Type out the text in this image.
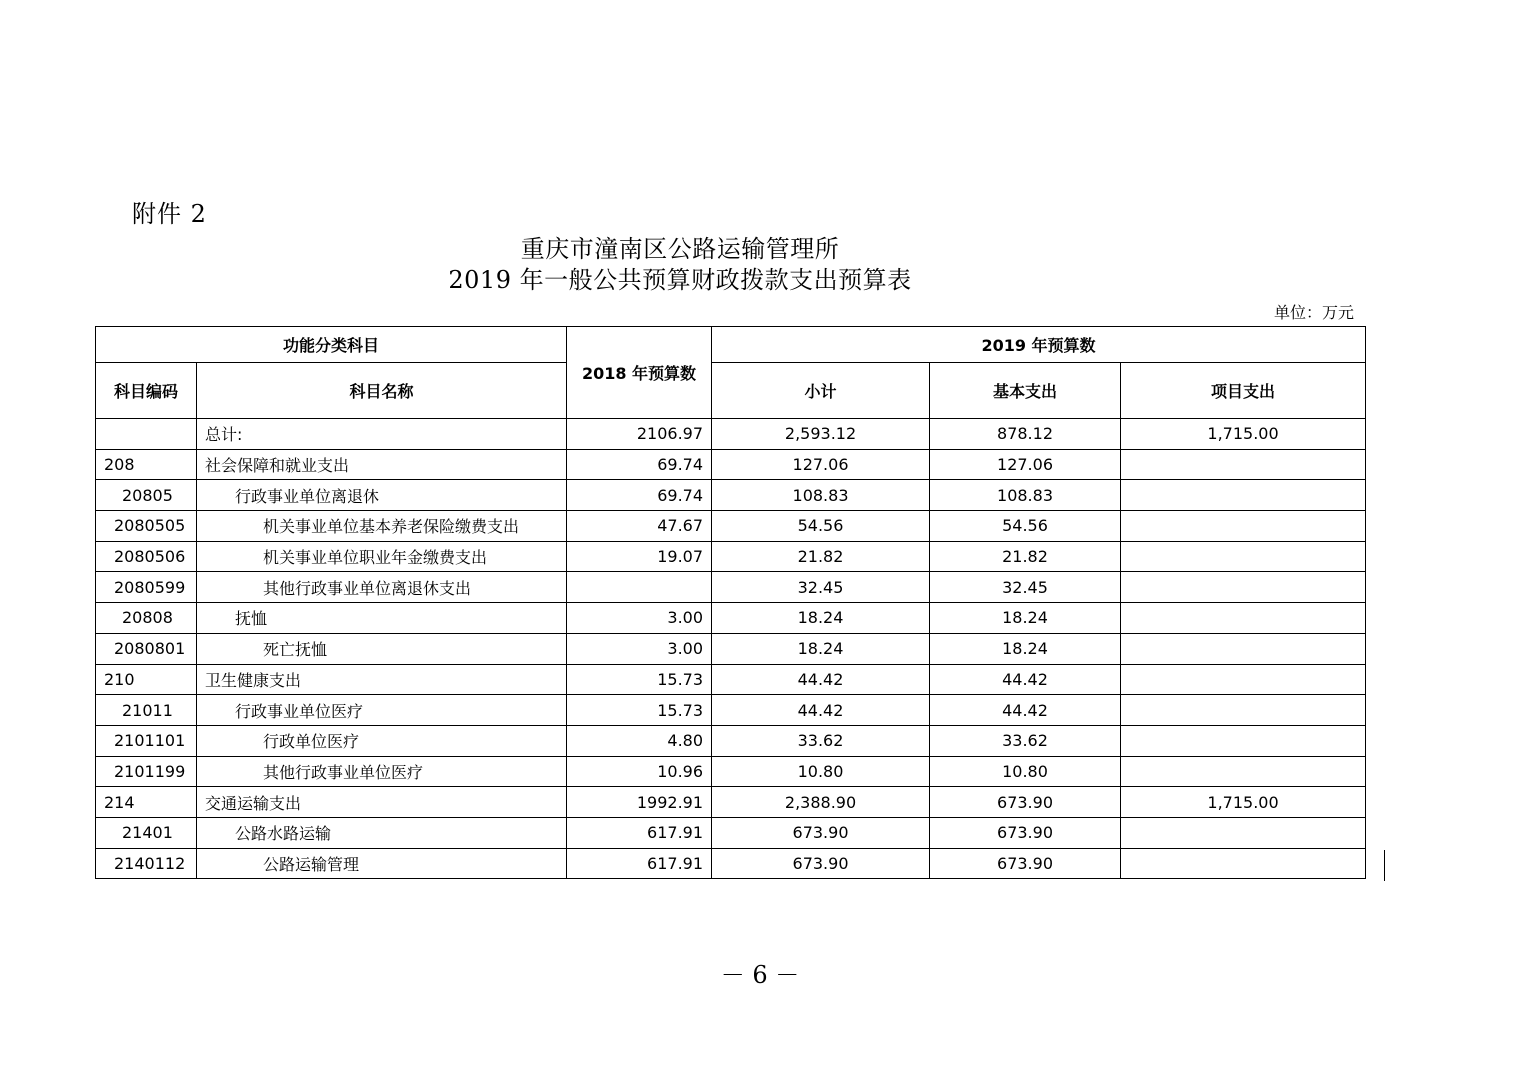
附件 2
重庆市潼南区公路运输管理所
2019 年一般公共预算财政拨款支出预算表
单位：万元
功能分类科目		2018 年预算数	2019 年预算数		
科目编码	科目名称		小计	基本支出	项目支出
	总计:	2106.97	2,593.12	878.12	1,715.00
208	社会保障和就业支出	69.74	127.06	127.06	
20805	行政事业单位离退休	69.74	108.83	108.83	
2080505	机关事业单位基本养老保险缴费支出	47.67	54.56	54.56	
2080506	机关事业单位职业年金缴费支出	19.07	21.82	21.82	
2080599	其他行政事业单位离退休支出		32.45	32.45	
20808	抚恤	3.00	18.24	18.24	
2080801	死亡抚恤	3.00	18.24	18.24	
210	卫生健康支出	15.73	44.42	44.42	
21011	行政事业单位医疗	15.73	44.42	44.42	
2101101	行政单位医疗	4.80	33.62	33.62	
2101199	其他行政事业单位医疗	10.96	10.80	10.80	
214	交通运输支出	1992.91	2,388.90	673.90	1,715.00
21401	公路水路运输	617.91	673.90	673.90	
2140112	公路运输管理	617.91	673.90	673.90	
－ 6 －
